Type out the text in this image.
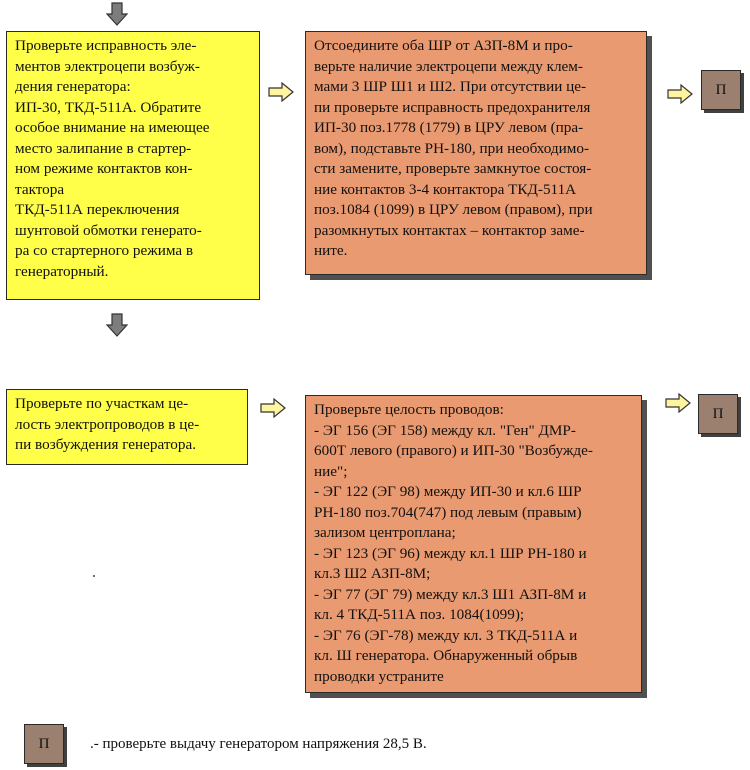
Проверьте исправность эле-
ментов электроцепи возбуж-
дения генератора:
ИП-30, ТКД-511А. Обратите
особое внимание на имеющее
место залипание в стартер-
ном режиме контактов кон-
тактора
ТКД-511А переключения
шунтовой обмотки генерато-
ра со стартерного режима в
генераторный.
Отсоедините оба ШР от АЗП-8М и про-
верьте наличие электроцепи между клем-
мами 3 ШР Ш1 и Ш2. При отсутствии це-
пи проверьте исправность предохранителя
ИП-30 поз.1778 (1779) в ЦРУ левом (пра-
вом), подставьте РН-180, при необходимо-
сти замените, проверьте замкнутое состоя-
ние контактов 3-4 контактора ТКД-511А
поз.1084 (1099) в ЦРУ левом (правом), при
разомкнутых контактах – контактор заме-
ните.
П
Проверьте по участкам це-
лость электропроводов в це-
пи возбуждения генератора.
Проверьте целость проводов:
- ЭГ 156 (ЭГ 158) между кл. "Ген" ДМР-
600Т левого (правого) и ИП-30 "Возбужде-
ние";
- ЭГ 122 (ЭГ 98) между ИП-30 и кл.6 ШР
РН-180 поз.704(747) под левым (правым)
зализом центроплана;
- ЭГ 123 (ЭГ 96) между кл.1 ШР РН-180 и
кл.3 Ш2 АЗП-8М;
- ЭГ 77 (ЭГ 79) между кл.3 Ш1 АЗП-8М и
кл. 4 ТКД-511А поз. 1084(1099);
- ЭГ 76 (ЭГ-78) между кл. 3 ТКД-511А и
кл. Ш генератора. Обнаруженный обрыв
проводки устраните
П
П	.- проверьте выдачу генератором напряжения 28,5 В.
